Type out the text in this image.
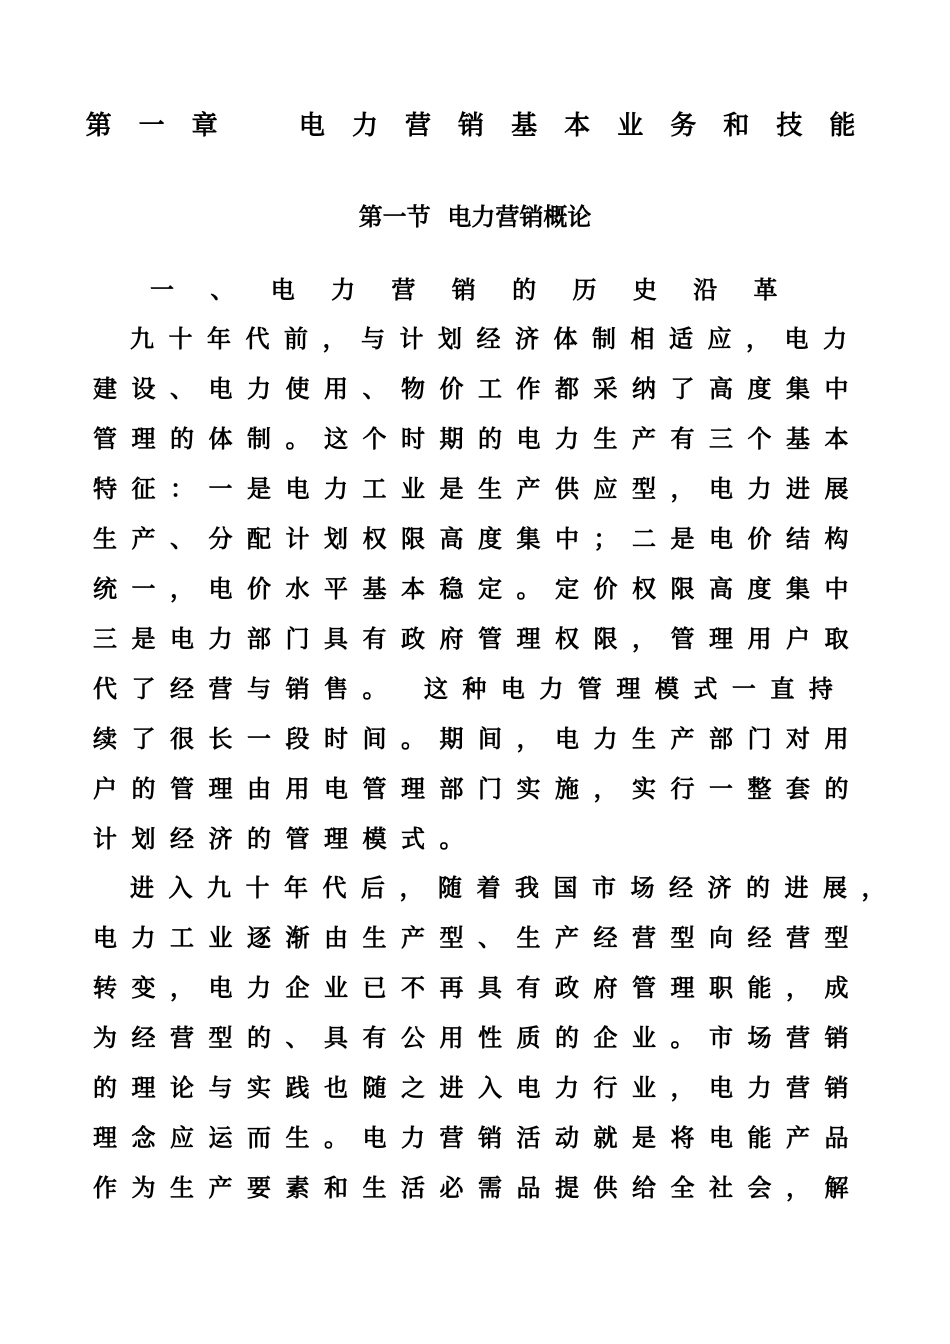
第 一 章    电 力 营 销 基 本 业 务 和 技 能
第一节  电力营销概论
一 、 电 力 营 销 的 历 史 沿 革
九十年代前，与计划经济体制相适应，电力
建设、电力使用、物价工作都采纳了高度集中
管理的体制。这个时期的电力生产有三个基本
特征：一是电力工业是生产供应型，电力进展
生产、分配计划权限高度集中；二是电价结构
统一，电价水平基本稳定。定价权限高度集中
三是电力部门具有政府管理权限，管理用户取
代了经营与销售。 这种电力管理模式一直持
续了很长一段时间。期间，电力生产部门对用
户的管理由用电管理部门实施，实行一整套的
计划经济的管理模式。
进入九十年代后，随着我国市场经济的进展，
电力工业逐渐由生产型、生产经营型向经营型
转变，电力企业已不再具有政府管理职能，成
为经营型的、具有公用性质的企业。市场营销
的理论与实践也随之进入电力行业，电力营销
理念应运而生。电力营销活动就是将电能产品
作为生产要素和生活必需品提供给全社会，解
